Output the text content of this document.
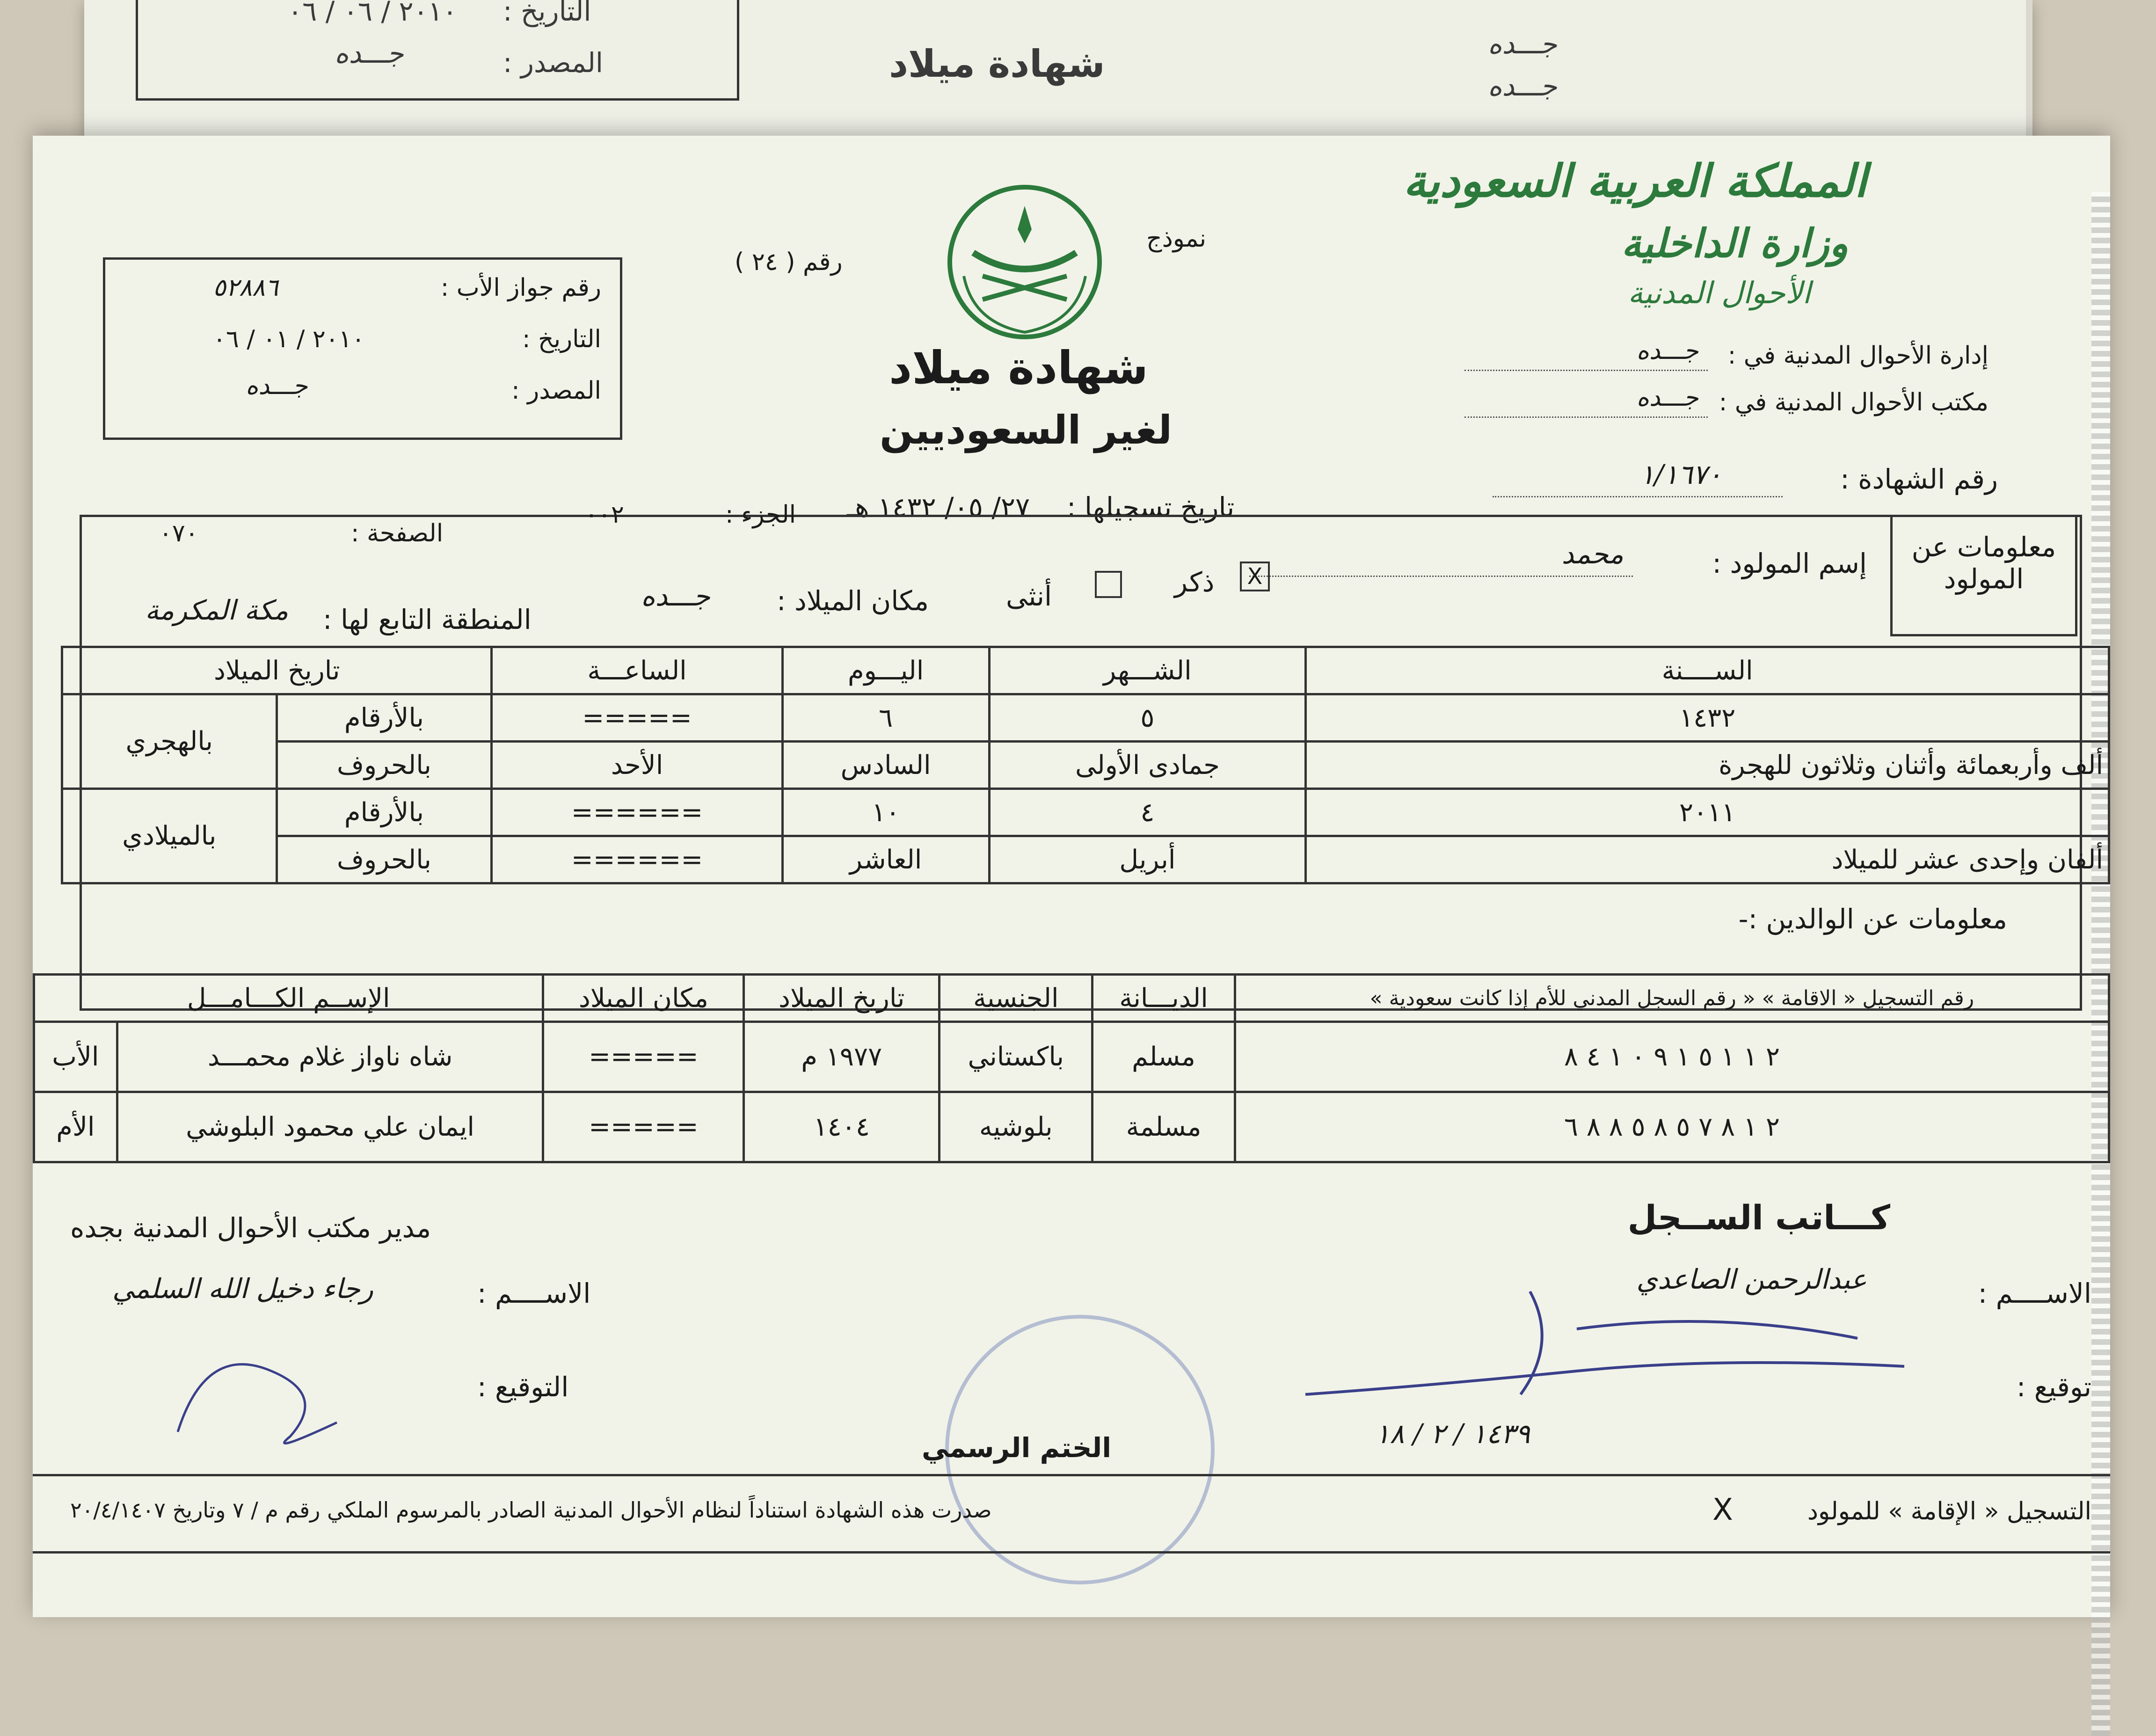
التاريخ :
٢٠١٠ / ٠٦ / ٠٦
المصدر :
جـــده	شهادة ميلاد	جـــده
جـــده
المملكة العربية السعودية
وزارة الداخلية
الأحوال المدنية
نموذج
رقم ( ٢٤ )
شهادة ميلاد
لغير السعوديين
إدارة الأحوال المدنية في :
جـــده
مكتب الأحوال المدنية في :
جـــده
رقم جواز الأب :
٥٢٨٨٦
التاريخ :
٢٠١٠ / ٠١ / ٠٦
المصدر :
جـــده
رقم الشهادة :
١/١٦٧٠
تاريخ تسجيلها :
٢٧/ ٠٥/ ١٤٣٢ هـ
معلومات عن المولود
الجزء :
٠٠٢
الصفحة :
٠٧٠
إسم المولود :
محمد
ذكر	X
أنثى
مكان الميلاد :
جـــده
المنطقة التابع لها :
مكة المكرمة
الســــنة	الشـــهر	اليـــوم	الساعـــة	تاريخ الميلاد	
١٤٣٢	٥	٦	=====	بالأرقام	بالهجري
ألف وأربعمائة وأثنان وثلاثون للهجرة	جمادى الأولى	السادس	الأحد	بالحروف	
٢٠١١	٤	١٠	======	بالأرقام	بالميلادي
ألفان وإحدى عشر للميلاد	أبريل	العاشر	======	بالحروف	
معلومات عن الوالدين :-
رقم التسجيل « الاقامة » « رقم السجل المدني للأم إذا كانت سعودية »	الديـــانة	الجنسية	تاريخ الميلاد	مكان الميلاد	الإســم الكـــامـــل	
٢ ١ ١ ٥ ١ ٩ ٠ ١ ٤ ٨	مسلم	باكستاني	١٩٧٧ م	=====	شاه ناواز غلام محمـــد	الأب
٢ ١ ٨ ٧ ٥ ٨ ٥ ٨ ٨ ٦	مسلمة	بلوشيه	١٤٠٤	=====	ايمان علي محمود البلوشي	الأم
كـــاتب الســجل
الاســــم :
عبدالرحمن الصاعدي
توقيع :
١٤٣٩ / ٢ / ١٨
الختم الرسمي
مدير مكتب الأحوال المدنية بجده
الاســــم :
رجاء دخيل الله السلمي
التوقيع :
صدرت هذه الشهادة استناداً لنظام الأحوال المدنية الصادر بالمرسوم الملكي رقم م / ٧ وتاريخ ٢٠/٤/١٤٠٧	التسجيل « الإقامة » للمولود
X
